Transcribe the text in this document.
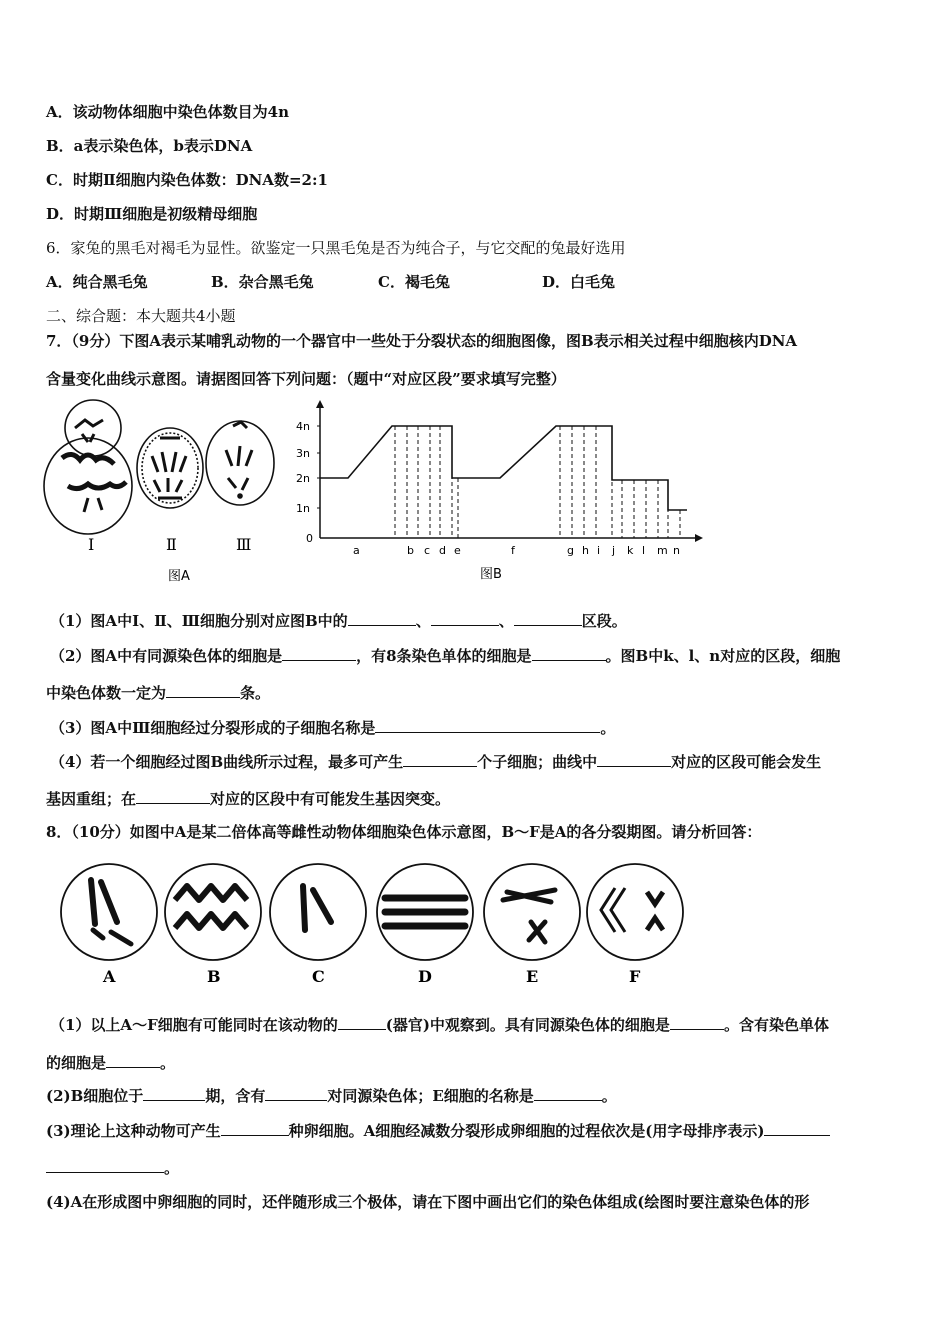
A．该动物体细胞中染色体数目为4n
B．a表示染色体，b表示DNA
C．时期Ⅱ细胞内染色体数：DNA数=2:1
D．时期Ⅲ细胞是初级精母细胞
6．家兔的黑毛对褐毛为显性。欲鉴定一只黑毛兔是否为纯合子，与它交配的兔最好选用
A．纯合黑毛兔	B．杂合黑毛兔	C．褐毛兔	D．白毛兔
二、综合题：本大题共4小题
7．（9分）下图A表示某哺乳动物的一个器官中一些处于分裂状态的细胞图像，图B表示相关过程中细胞核内DNA
含量变化曲线示意图。请据图回答下列问题：（题中“对应区段”要求填写完整）
Ⅰ	Ⅱ	Ⅲ
图A
4n
3n
2n
1n
0
a	b c d e	f	g h i j k l m n
图B
（1）图A中Ⅰ、Ⅱ、Ⅲ细胞分别对应图B中的	、	、	区段。
（2）图A中有同源染色体的细胞是	，有8条染色单体的细胞是	。图B中k、l、n对应的区段，细胞
中染色体数一定为	条。
（3）图A中Ⅲ细胞经过分裂形成的子细胞名称是	。
（4）若一个细胞经过图B曲线所示过程，最多可产生	个子细胞；曲线中	对应的区段可能会发生
基因重组；在	对应的区段中有可能发生基因突变。
8．（10分）如图中A是某二倍体高等雌性动物体细胞染色体示意图，B～F是A的各分裂期图。请分析回答：
A	B	C	D	E	F
（1）以上A～F细胞有可能同时在该动物的	(器官)中观察到。具有同源染色体的细胞是	。含有染色单体
的细胞是	。
(2)B细胞位于	期，含有	对同源染色体；E细胞的名称是	。
(3)理论上这种动物可产生	种卵细胞。A细胞经减数分裂形成卵细胞的过程依次是(用字母排序表示)
。
(4)A在形成图中卵细胞的同时，还伴随形成三个极体，请在下图中画出它们的染色体组成(绘图时要注意染色体的形
